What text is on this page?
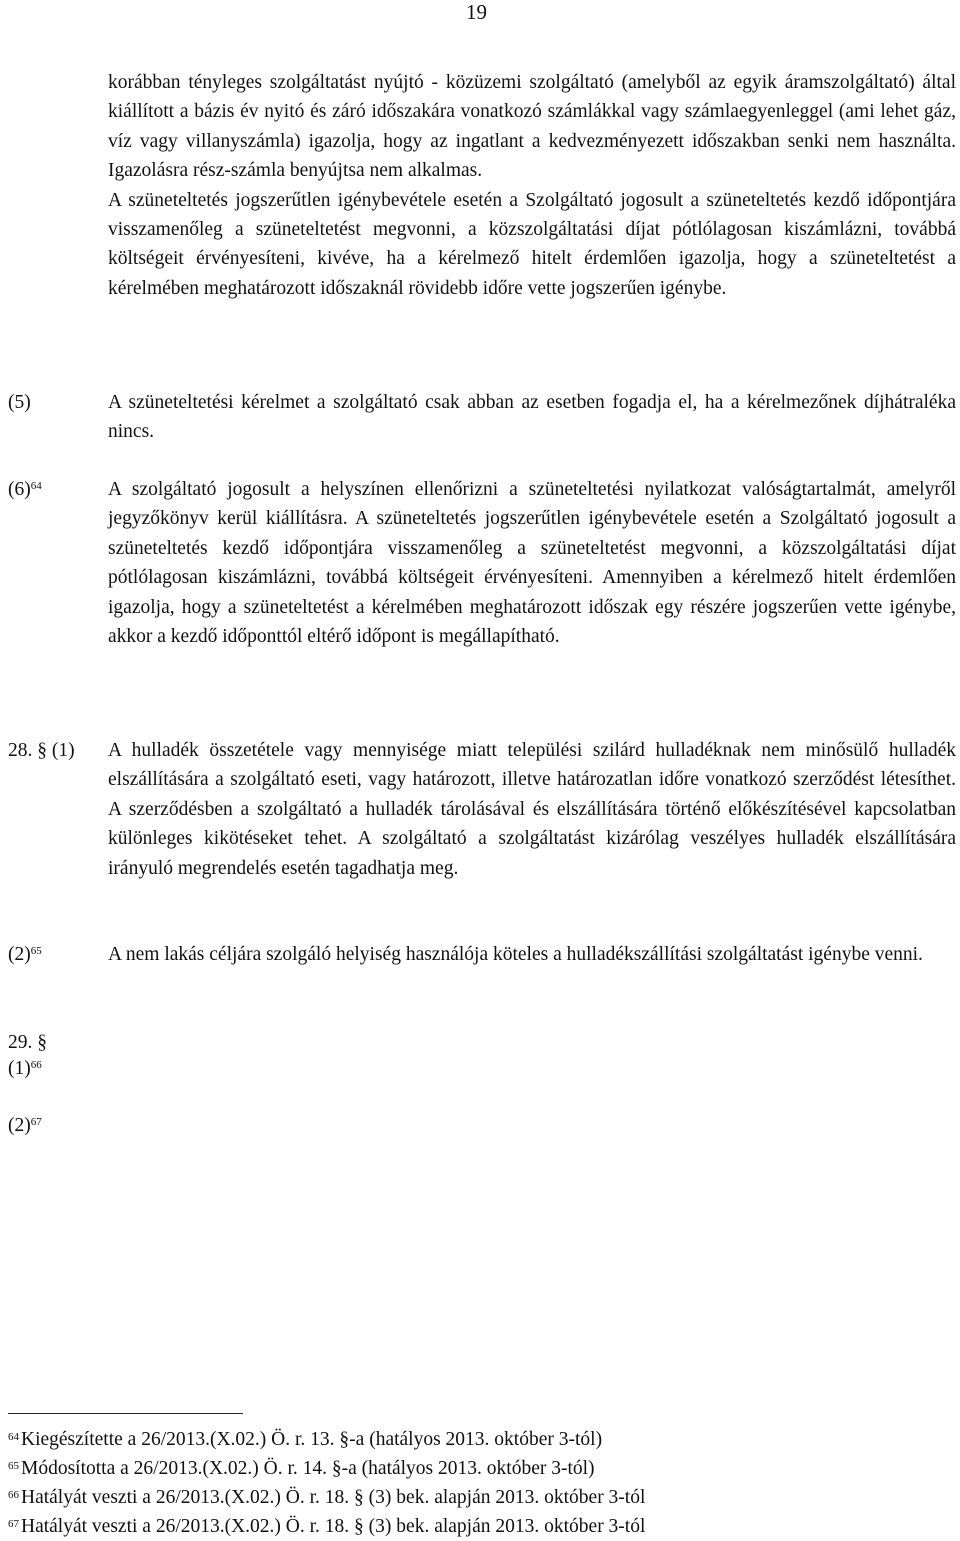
19

korábban tényleges szolgáltatást nyújtó - közüzemi szolgáltató (amelyből az egyik áramszolgáltató) által kiállított a bázis év nyitó és záró időszakára vonatkozó számlákkal vagy számlaegyenleggel (ami lehet gáz, víz vagy villanyszámla) igazolja, hogy az ingatlant a kedvezményezett időszakban senki nem használta. Igazolásra rész-számla benyújtsa nem alkalmas.

A szüneteltetés jogszerűtlen igénybevétele esetén a Szolgáltató jogosult a szüneteltetés kezdő időpontjára visszamenőleg a szüneteltetést megvonni, a közszolgáltatási díjat pótlólagosan kiszámlázni, továbbá költségeit érvényesíteni, kivéve, ha a kérelmező hitelt érdemlően igazolja, hogy a szüneteltetést a kérelmében meghatározott időszaknál rövidebb időre vette jogszerűen igénybe.

(5)	A szüneteltetési kérelmet a szolgáltató csak abban az esetben fogadja el, ha a kérelmezőnek díjhátraléka nincs.
$(6)^{64}$	A szolgáltató jogosult a helyszínen ellenőrizni a szüneteltetési nyilatkozat valóságtartalmát, amelyről jegyzőkönyv kerül kiállításra. A szüneteltetés jogszerűtlen igénybevétele esetén a Szolgáltató jogosult a szüneteltetés kezdő időpontjára visszamenőleg a szüneteltetést megvonni, a közszolgáltatási díjat pótlólagosan kiszámlázni, továbbá költségeit érvényesíteni. Amennyiben a kérelmező hitelt érdemlően igazolja, hogy a szüneteltetést a kérelmében meghatározott időszak egy részére jogszerűen vette igénybe, akkor a kezdő időponttól eltérő időpont is megállapítható.
28. § (1) A hulladék összetétele vagy mennyisége miatt települési szilárd hulladéknak nem minősülő hulladék elszállítására a szolgáltató eseti, vagy határozott, illetve határozatlan időre vonatkozó szerződést létesíthet. A szerződésben a szolgáltató a hulladék tárolásával és elszállítására történő előkészítésével kapcsolatban különleges kikötéseket tehet. A szolgáltató a szolgáltatást kizárólag veszélyes hulladék elszállítására irányuló megrendelés esetén tagadhatja meg.
$(2)^{65}$	A nem lakás céljára szolgáló helyiség használója köteles a hulladékszállítási szolgáltatást igénybe venni.
29. §
$(1)^{66}$
$(2)^{67}$
$^{64}$ Kiegészítette a 26/2013.(X.02.) Ö. r. 13. §-a (hatályos 2013. október 3-tól)
$^{65}$ Módosította a 26/2013.(X.02.) Ö. r. 14. §-a (hatályos 2013. október 3-tól)
$^{66}$ Hatályát veszti a 26/2013.(X.02.) Ö. r. 18. § (3) bek. alapján 2013. október 3-tól
$^{67}$ Hatályát veszti a 26/2013.(X.02.) Ö. r. 18. § (3) bek. alapján 2013. október 3-tól
